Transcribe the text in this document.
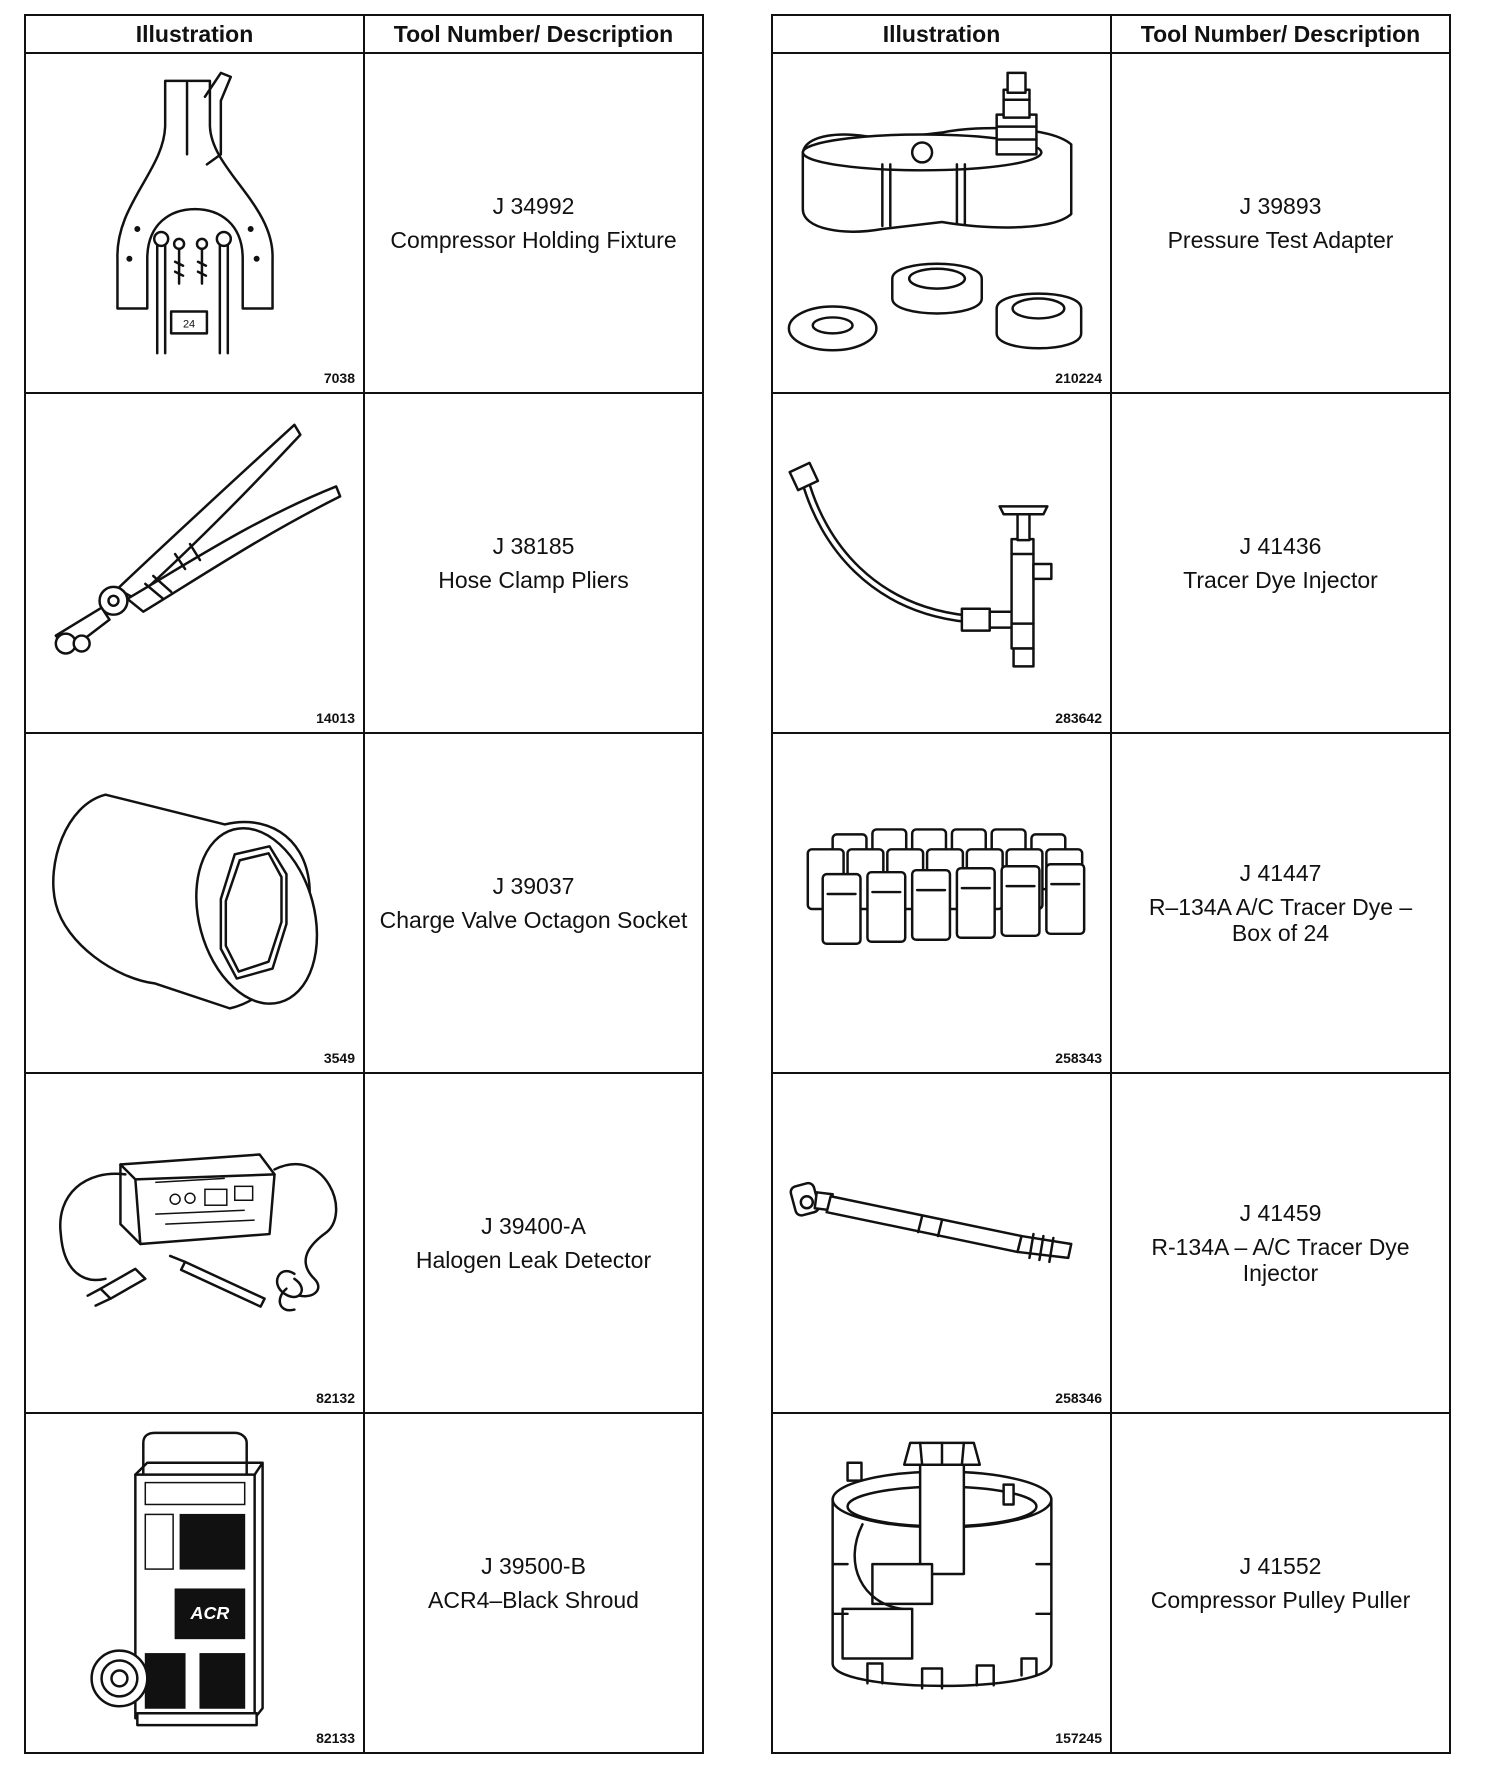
Illustration	Tool Number/ Description

24
7038	J 34992
Compressor Holding Fixture

14013	J 38185
Hose Clamp Pliers

3549	J 39037
Charge Valve Octagon Socket

82132	J 39400-A
Halogen Leak Detector

ACR
82133	J 39500-B
ACR4–Black Shroud
Illustration	Tool Number/ Description

210224	J 39893
Pressure Test Adapter

283642	J 41436
Tracer Dye Injector

258343	J 41447
R–134A A/C Tracer Dye – Box of 24

258346	J 41459
R-134A – A/C Tracer Dye Injector

157245	J 41552
Compressor Pulley Puller
